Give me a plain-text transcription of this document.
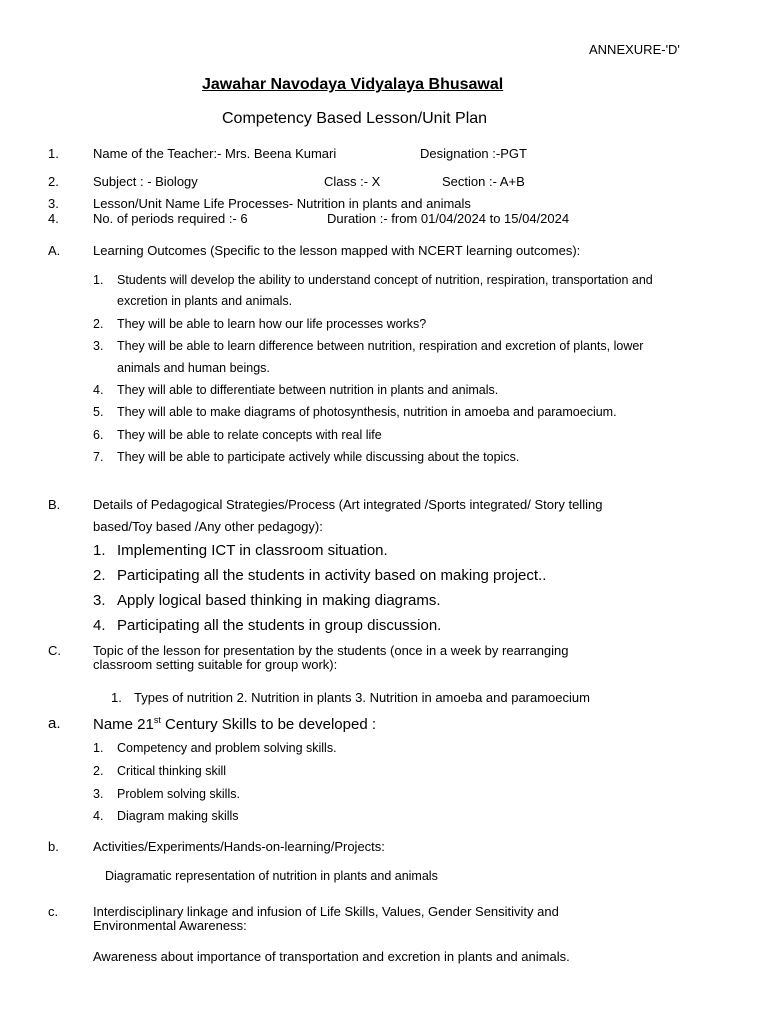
ANNEXURE-'D'
Jawahar Navodaya Vidyalaya Bhusawal
Competency Based Lesson/Unit Plan
1.	Name of the Teacher:- Mrs. Beena Kumari	Designation :-PGT
2.	Subject : - Biology	Class :- X	Section :- A+B
3.	Lesson/Unit Name Life Processes- Nutrition in plants and animals
4.	No. of periods required :- 6	Duration :- from 01/04/2024 to 15/04/2024
A.	Learning Outcomes (Specific to the lesson mapped with NCERT learning outcomes):
1. Students will develop the ability to understand concept of nutrition, respiration, transportation and
excretion in plants and animals.
2. They will be able to learn how our life processes works?
3. They will be able to learn difference between nutrition, respiration and excretion of plants, lower
animals and human beings.
4. They will able to differentiate between nutrition in plants and animals.
5. They will able to make diagrams of photosynthesis, nutrition in amoeba and paramoecium.
6. They will be able to relate concepts with real life
7. They will be able to participate actively while discussing about the topics.
B.	Details of Pedagogical Strategies/Process (Art integrated /Sports integrated/ Story telling
based/Toy based /Any other pedagogy):
1. Implementing ICT in classroom situation.
2. Participating all the students in activity based on making project..
3. Apply logical based thinking in making diagrams.
4. Participating all the students in group discussion.
C. Topic of the lesson for presentation by the students (once in a week by rearranging
classroom setting suitable for group work):
1. Types of nutrition 2. Nutrition in plants 3. Nutrition in amoeba and paramoecium
a. Name 21st Century Skills to be developed :
1. Competency and problem solving skills.
2. Critical thinking skill
3. Problem solving skills.
4. Diagram making skills
b.	Activities/Experiments/Hands-on-learning/Projects:
Diagramatic representation of nutrition in plants and animals
c.	Interdisciplinary linkage and infusion of Life Skills, Values, Gender Sensitivity and
Environmental Awareness:
Awareness about importance of transportation and excretion in plants and animals.
